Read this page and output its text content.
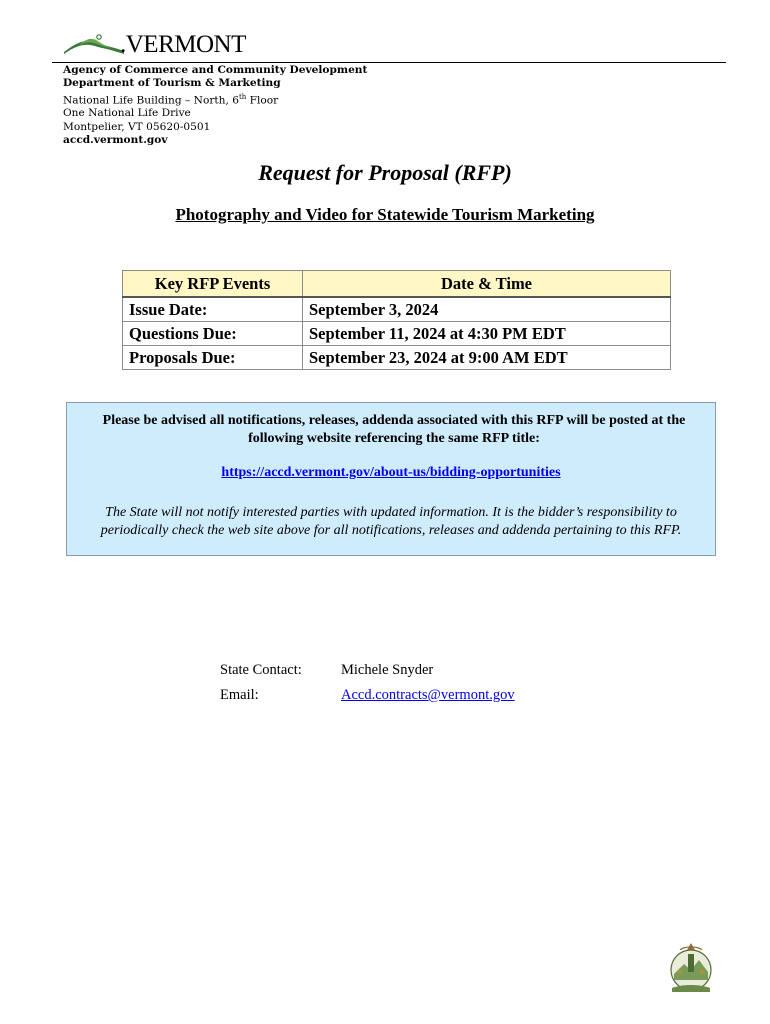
.VERMONT
Agency of Commerce and Community Development
Department of Tourism & Marketing
National Life Building – North, 6th Floor
One National Life Drive
Montpelier, VT 05620-0501
accd.vermont.gov
Request for Proposal (RFP)
Photography and Video for Statewide Tourism Marketing
Key RFP Events	Date & Time
Issue Date:	September 3, 2024
Questions Due:	September 11, 2024 at 4:30 PM EDT
Proposals Due:	September 23, 2024 at 9:00 AM EDT
Please be advised all notifications, releases, addenda associated with this RFP will be posted at the following website referencing the same RFP title:
https://accd.vermont.gov/about-us/bidding-opportunities
The State will not notify interested parties with updated information. It is the bidder’s responsibility to periodically check the web site above for all notifications, releases and addenda pertaining to this RFP.
State Contact:	Michele Snyder
Email:	Accd.contracts@vermont.gov
